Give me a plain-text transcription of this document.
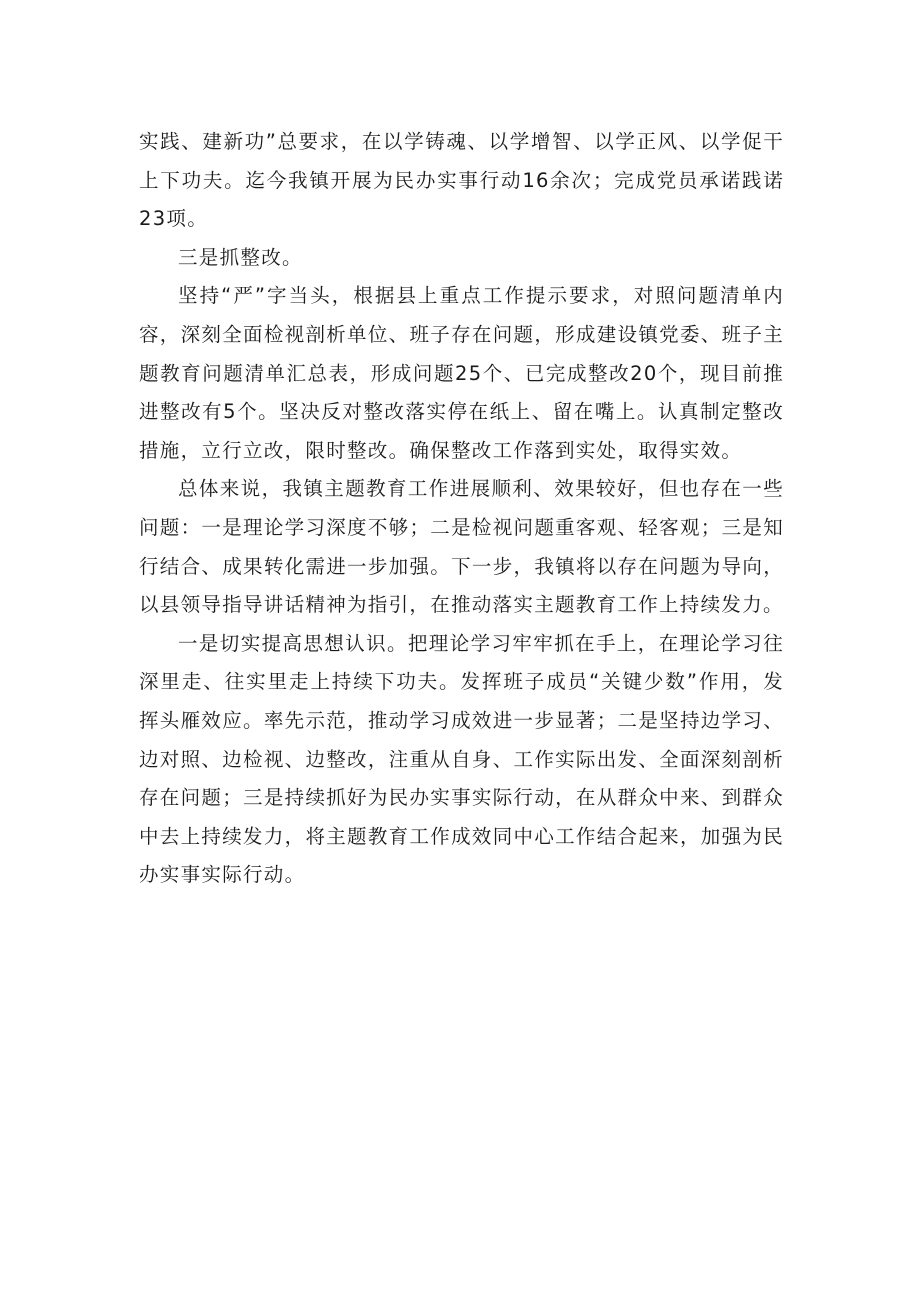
实践、建新功”总要求，在以学铸魂、以学增智、以学正风、以学促干上下功夫。迄今我镇开展为民办实事行动16余次；完成党员承诺践诺23项。

三是抓整改。

坚持“严”字当头，根据县上重点工作提示要求，对照问题清单内容，深刻全面检视剖析单位、班子存在问题，形成建设镇党委、班子主题教育问题清单汇总表，形成问题25个、已完成整改20个，现目前推进整改有5个。坚决反对整改落实停在纸上、留在嘴上。认真制定整改措施，立行立改，限时整改。确保整改工作落到实处，取得实效。

总体来说，我镇主题教育工作进展顺利、效果较好，但也存在一些问题：一是理论学习深度不够；二是检视问题重客观、轻客观；三是知行结合、成果转化需进一步加强。下一步，我镇将以存在问题为导向，以县领导指导讲话精神为指引，在推动落实主题教育工作上持续发力。

一是切实提高思想认识。把理论学习牢牢抓在手上，在理论学习往深里走、往实里走上持续下功夫。发挥班子成员“关键少数”作用，发挥头雁效应。率先示范，推动学习成效进一步显著；二是坚持边学习、边对照、边检视、边整改，注重从自身、工作实际出发、全面深刻剖析存在问题；三是持续抓好为民办实事实际行动，在从群众中来、到群众中去上持续发力，将主题教育工作成效同中心工作结合起来，加强为民办实事实际行动。
